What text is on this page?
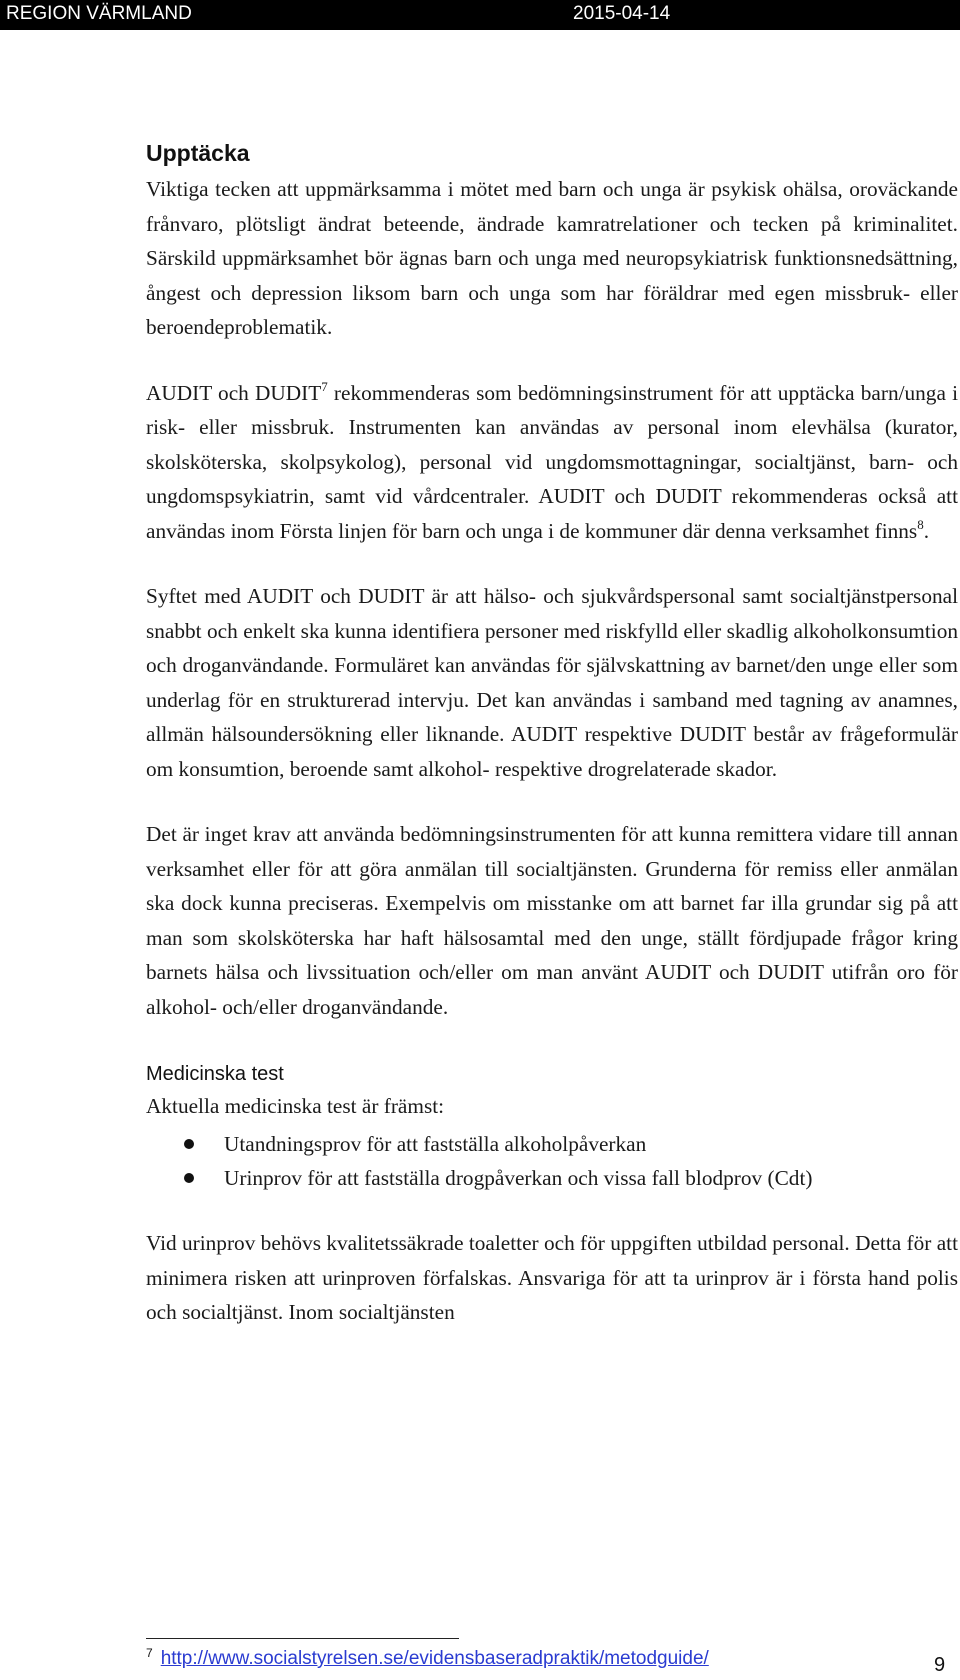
REGION VÄRMLAND	2015-04-14
Upptäcka

Viktiga tecken att uppmärksamma i mötet med barn och unga är psykisk ohälsa, oroväckande frånvaro, plötsligt ändrat beteende, ändrade kamratrelationer och tecken på kriminalitet. Särskild uppmärksamhet bör ägnas barn och unga med neuropsykiatrisk funktionsnedsättning, ångest och depression liksom barn och unga som har föräldrar med egen missbruk- eller beroendeproblematik.

AUDIT och DUDIT$^7$ rekommenderas som bedömningsinstrument för att upptäcka barn/unga i risk- eller missbruk. Instrumenten kan användas av personal inom elevhälsa (kurator, skolsköterska, skolpsykolog), personal vid ungdomsmottagningar, socialtjänst, barn- och ungdomspsykiatrin, samt vid vårdcentraler. AUDIT och DUDIT rekommenderas också att användas inom Första linjen för barn och unga i de kommuner där denna verksamhet finns$^8$.

Syftet med AUDIT och DUDIT är att hälso- och sjukvårdspersonal samt socialtjänstpersonal snabbt och enkelt ska kunna identifiera personer med riskfylld eller skadlig alkoholkonsumtion och droganvändande. Formuläret kan användas för självskattning av barnet/den unge eller som underlag för en strukturerad intervju. Det kan användas i samband med tagning av anamnes, allmän hälsoundersökning eller liknande. AUDIT respektive DUDIT består av frågeformulär om konsumtion, beroende samt alkohol- respektive drogrelaterade skador.

Det är inget krav att använda bedömningsinstrumenten för att kunna remittera vidare till annan verksamhet eller för att göra anmälan till socialtjänsten. Grunderna för remiss eller anmälan ska dock kunna preciseras. Exempelvis om misstanke om att barnet far illa grundar sig på att man som skolsköterska har haft hälsosamtal med den unge, ställt fördjupade frågor kring barnets hälsa och livssituation och/eller om man använt AUDIT och DUDIT utifrån oro för alkohol- och/eller droganvändande.

Medicinska test

Aktuella medicinska test är främst:

Utandningsprov för att fastställa alkoholpåverkan
Urinprov för att fastställa drogpåverkan och vissa fall blodprov (Cdt)

Vid urinprov behövs kvalitetssäkrade toaletter och för uppgiften utbildad personal. Detta för att minimera risken att urinproven förfalskas. Ansvariga för att ta urinprov är i första hand polis och socialtjänst. Inom socialtjänsten

$^7$ http://www.socialstyrelsen.se/evidensbaseradpraktik/metodguide/	9
